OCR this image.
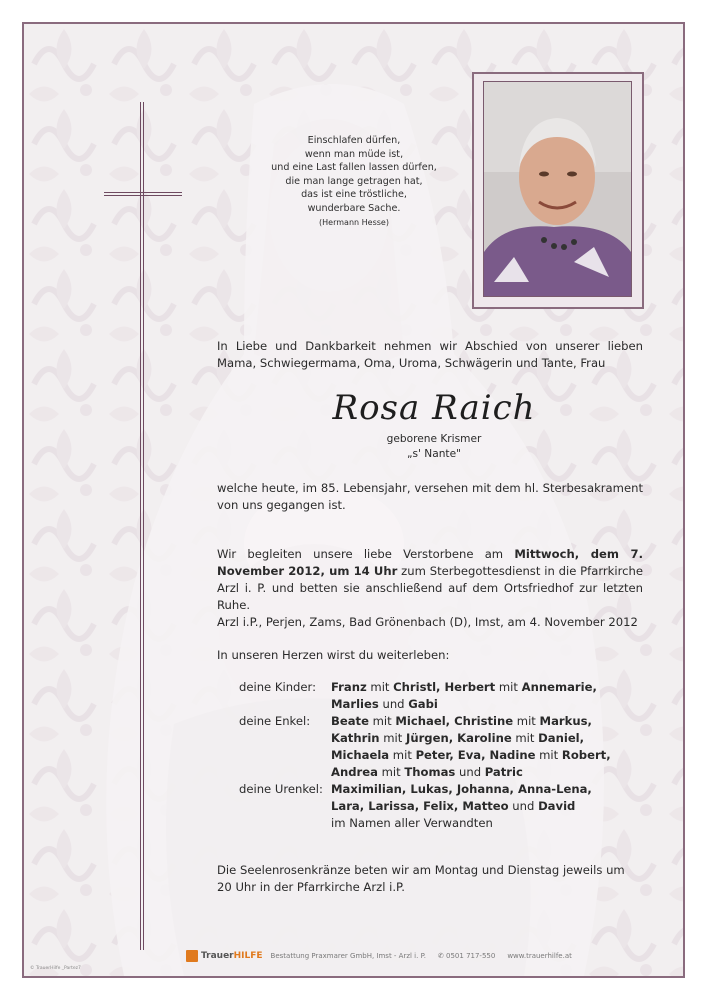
Einschlafen dürfen,
wenn man müde ist,
und eine Last fallen lassen dürfen,
die man lange getragen hat,
das ist eine tröstliche,
wunderbare Sache.
(Hermann Hesse)
In Liebe und Dankbarkeit nehmen wir Abschied von unserer lieben Mama, Schwiegermama, Oma, Uroma, Schwägerin und Tante, Frau
Rosa Raich
geborene Krismer
„s' Nante"
welche heute, im 85. Lebensjahr, versehen mit dem hl. Sterbesakrament von uns gegangen ist.
Wir begleiten unsere liebe Verstorbene am Mittwoch, dem 7. November 2012, um 14 Uhr zum Sterbegottesdienst in die Pfarrkirche Arzl i. P. und betten sie anschließend auf dem Ortsfriedhof zur letzten Ruhe.
Arzl i.P., Perjen, Zams, Bad Grönenbach (D), Imst, am 4. November 2012
In unseren Herzen wirst du weiterleben:
deine Kinder:	Franz mit Christl, Herbert mit Annemarie, Marlies und Gabi
deine Enkel:	Beate mit Michael, Christine mit Markus, Kathrin mit Jürgen, Karoline mit Daniel, Michaela mit Peter, Eva, Nadine mit Robert, Andrea mit Thomas und Patric
deine Urenkel: Maximilian, Lukas, Johanna, Anna-Lena, Lara, Larissa, Felix, Matteo und David
im Namen aller Verwandten
Die Seelenrosenkränze beten wir am Montag und Dienstag jeweils um 20 Uhr in der Pfarrkirche Arzl i.P.
TrauerHILFE Bestattung Praxmarer GmbH, Imst - Arzl i. P. ✆ 0501 717-550 www.trauerhilfe.at
© TrauerHilfe _Partez7
